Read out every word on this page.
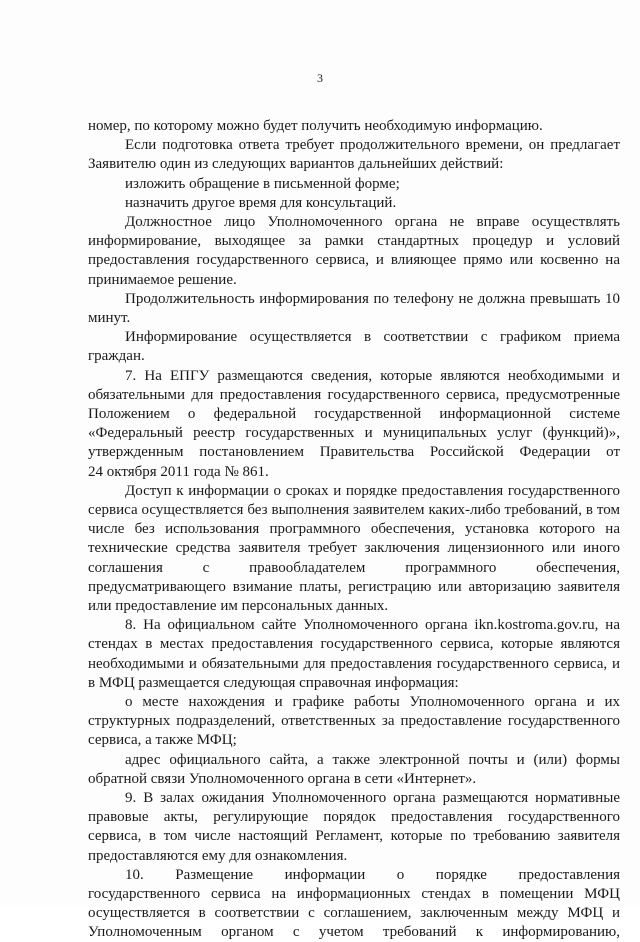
3
номер, по которому можно будет получить необходимую информацию.
Если подготовка ответа требует продолжительного времени, он предлагает
Заявителю один из следующих вариантов дальнейших действий:
изложить обращение в письменной форме;
назначить другое время для консультаций.
Должностное лицо Уполномоченного органа не вправе осуществлять
информирование, выходящее за рамки стандартных процедур и условий
предоставления государственного сервиса, и влияющее прямо или косвенно на
принимаемое решение.
Продолжительность информирования по телефону не должна превышать 10
минут.
Информирование осуществляется в соответствии с графиком приема
граждан.
7. На ЕПГУ размещаются сведения, которые являются необходимыми и
обязательными для предоставления государственного сервиса, предусмотренные
Положением о федеральной государственной информационной системе
«Федеральный реестр государственных и муниципальных услуг (функций)»,
утвержденным постановлением Правительства Российской Федерации от
24 октября 2011 года № 861.
Доступ к информации о сроках и порядке предоставления государственного
сервиса осуществляется без выполнения заявителем каких-либо требований, в том
числе без использования программного обеспечения, установка которого на
технические средства заявителя требует заключения лицензионного или иного
соглашения с правообладателем программного обеспечения,
предусматривающего взимание платы, регистрацию или авторизацию заявителя
или предоставление им персональных данных.
8. На официальном сайте Уполномоченного органа ikn.kostroma.gov.ru, на
стендах в местах предоставления государственного сервиса, которые являются
необходимыми и обязательными для предоставления государственного сервиса, и
в МФЦ размещается следующая справочная информация:
о месте нахождения и графике работы Уполномоченного органа и их
структурных подразделений, ответственных за предоставление государственного
сервиса, а также МФЦ;
адрес официального сайта, а также электронной почты и (или) формы
обратной связи Уполномоченного органа в сети «Интернет».
9. В залах ожидания Уполномоченного органа размещаются нормативные
правовые акты, регулирующие порядок предоставления государственного
сервиса, в том числе настоящий Регламент, которые по требованию заявителя
предоставляются ему для ознакомления.
10. Размещение информации о порядке предоставления
государственного сервиса на информационных стендах в помещении МФЦ
осуществляется в соответствии с соглашением, заключенным между МФЦ и
Уполномоченным органом с учетом требований к информированию,
